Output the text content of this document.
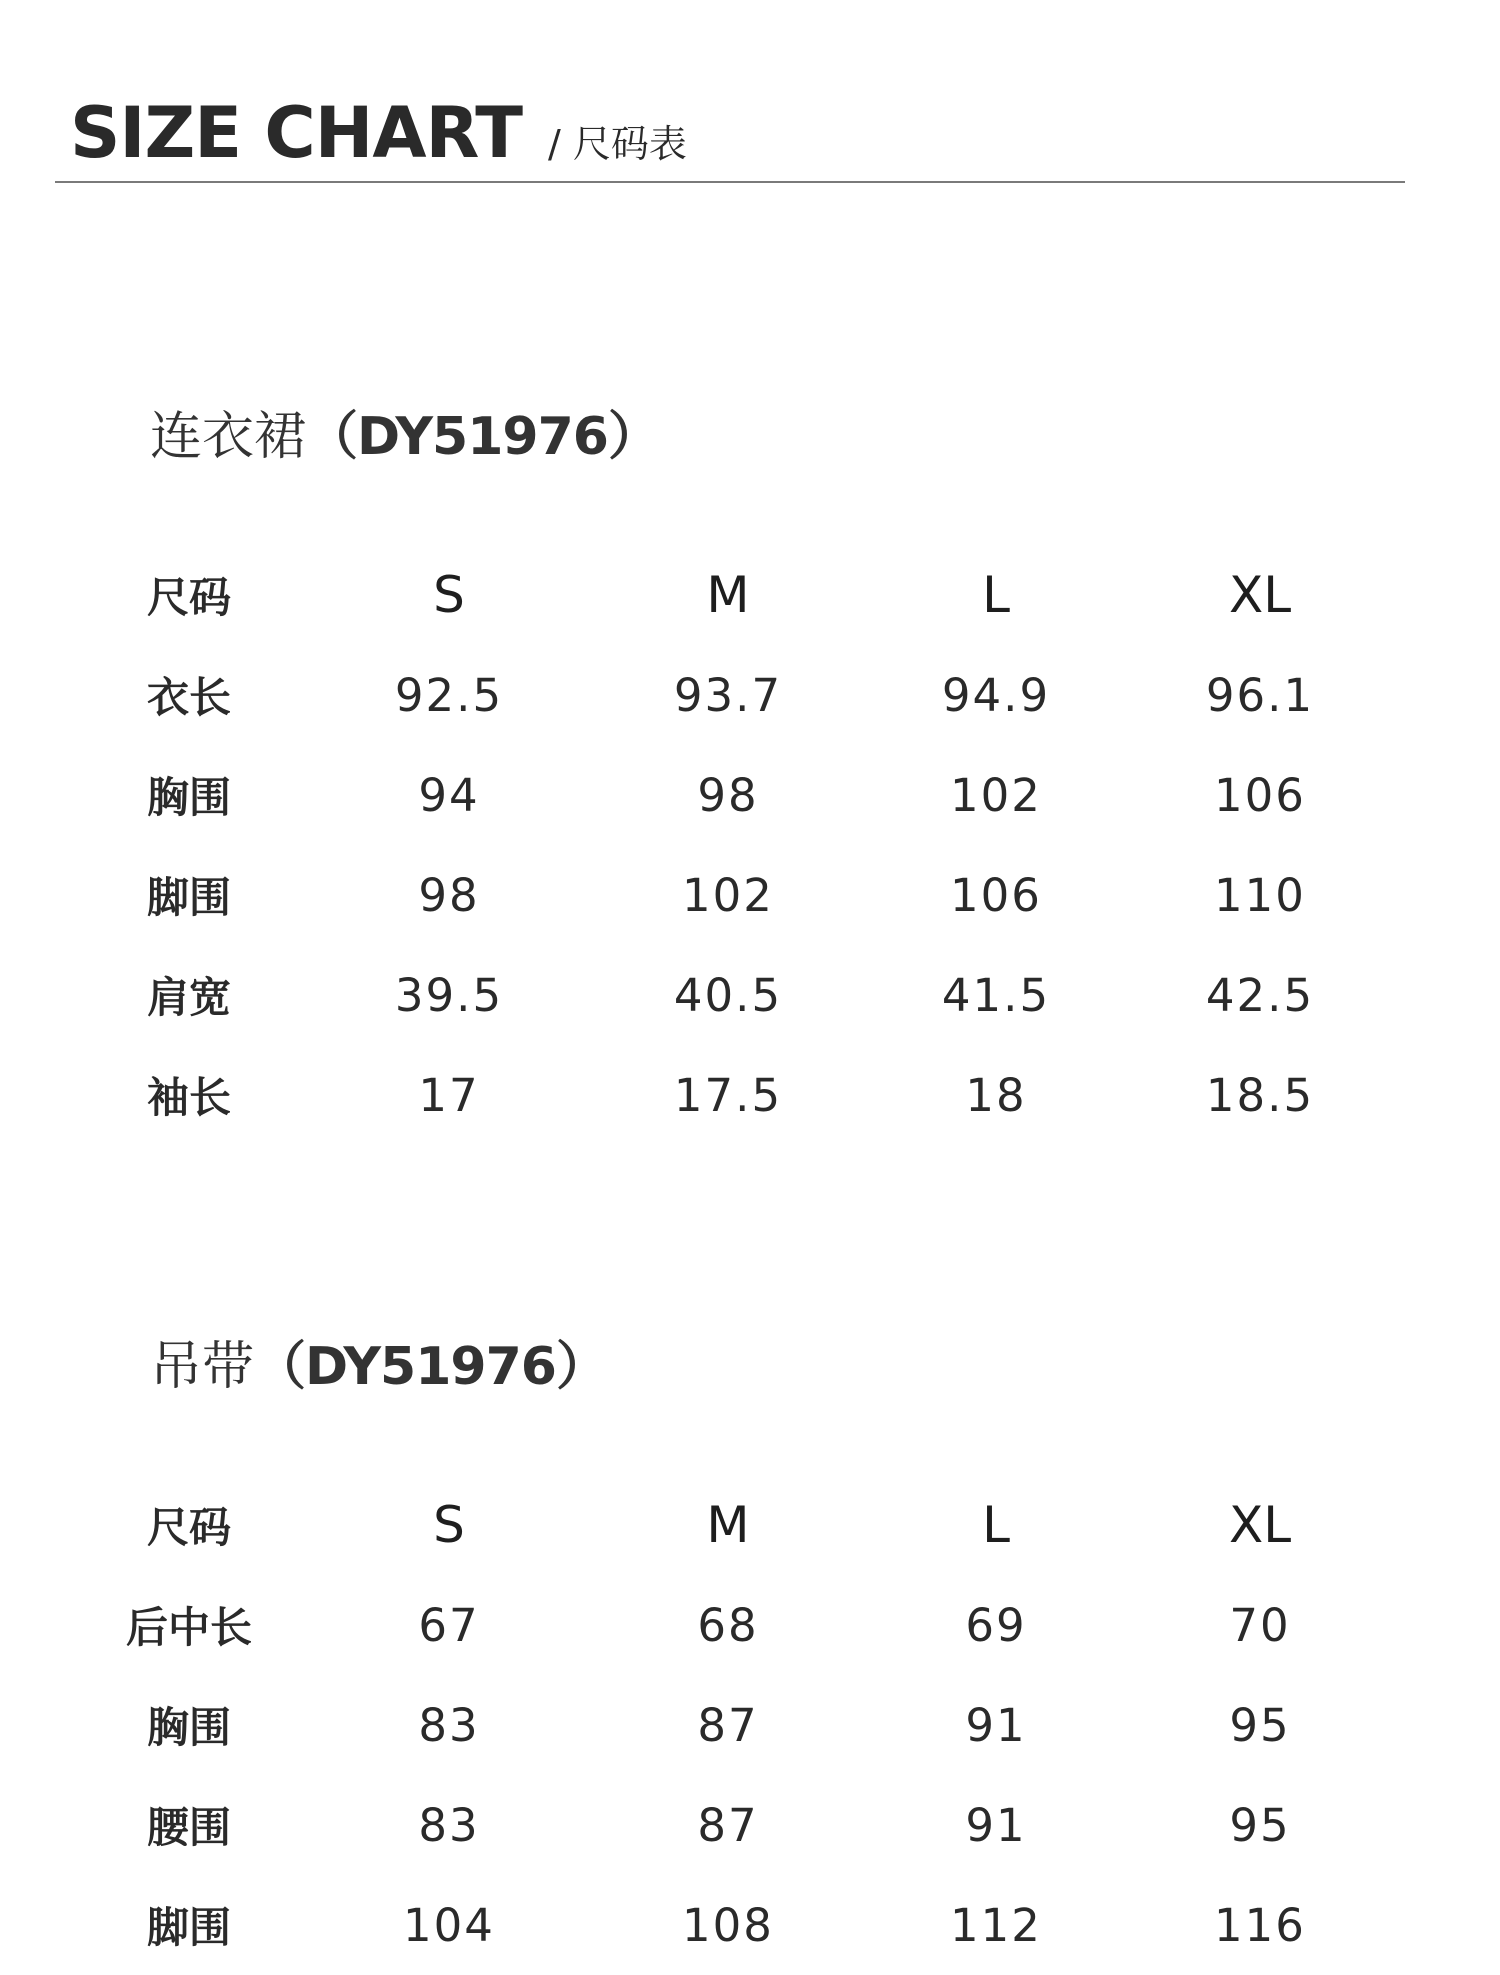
SIZE CHART / 尺码表
连衣裙（DY51976）
尺码	S	M	L	XL
衣长	92.5	93.7	94.9	96.1
胸围	94	98	102	106
脚围	98	102	106	110
肩宽	39.5	40.5	41.5	42.5
袖长	17	17.5	18	18.5
吊带（DY51976）
尺码	S	M	L	XL
后中长	67	68	69	70
胸围	83	87	91	95
腰围	83	87	91	95
脚围	104	108	112	116
